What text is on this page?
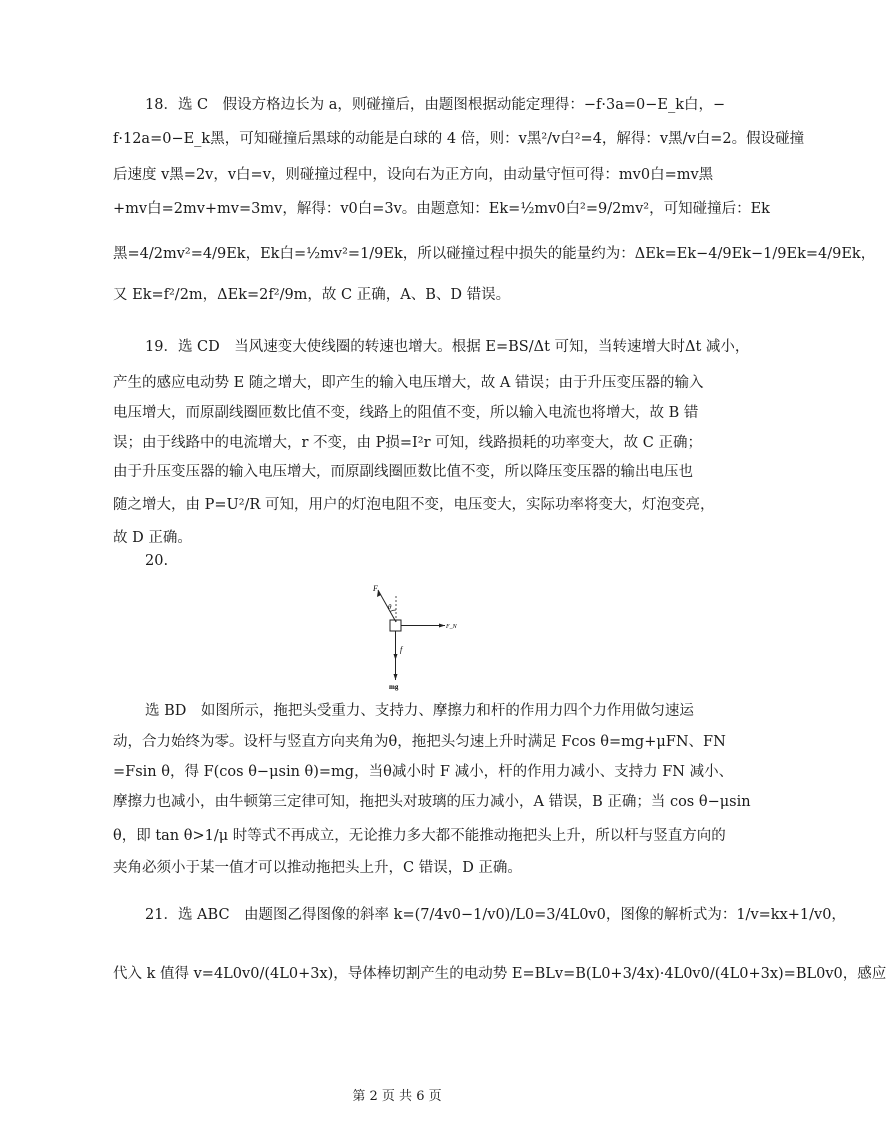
18．选 C　假设方格边长为 a，则碰撞后，由题图根据动能定理得：−f·3a=0−E_k白，−
f·12a=0−E_k黑，可知碰撞后黑球的动能是白球的 4 倍，则：v黑²/v白²=4，解得：v黑/v白=2。假设碰撞
后速度 v黑=2v，v白=v，则碰撞过程中，设向右为正方向，由动量守恒可得：mv0白=mv黑
+mv白=2mv+mv=3mv，解得：v0白=3v。由题意知：Ek=½mv0白²=9/2mv²，可知碰撞后：Ek
黑=4/2mv²=4/9Ek，Ek白=½mv²=1/9Ek，所以碰撞过程中损失的能量约为：ΔEk=Ek−4/9Ek−1/9Ek=4/9Ek，
又 Ek=f²/2m，ΔEk=2f²/9m，故 C 正确，A、B、D 错误。
19．选 CD　当风速变大使线圈的转速也增大。根据 E=BS/Δt 可知，当转速增大时Δt 减小，
产生的感应电动势 E 随之增大，即产生的输入电压增大，故 A 错误；由于升压变压器的输入
电压增大，而原副线圈匝数比值不变，线路上的阻值不变，所以输入电流也将增大，故 B 错
误；由于线路中的电流增大，r 不变，由 P损=I²r 可知，线路损耗的功率变大，故 C 正确；
由于升压变压器的输入电压增大，而原副线圈匝数比值不变，所以降压变压器的输出电压也
随之增大，由 P=U²/R 可知，用户的灯泡电阻不变，电压变大，实际功率将变大，灯泡变亮，
故 D 正确。
20.
F
θ
F_N
f
mg
选 BD　如图所示，拖把头受重力、支持力、摩擦力和杆的作用力四个力作用做匀速运
动，合力始终为零。设杆与竖直方向夹角为θ，拖把头匀速上升时满足 Fcos θ=mg+μFN、FN
=Fsin θ，得 F(cos θ−μsin θ)=mg，当θ减小时 F 减小，杆的作用力减小、支持力 FN 减小、
摩擦力也减小，由牛顿第三定律可知，拖把头对玻璃的压力减小，A 错误，B 正确；当 cos θ−μsin
θ，即 tan θ>1/μ 时等式不再成立，无论推力多大都不能推动拖把头上升，所以杆与竖直方向的
夹角必须小于某一值才可以推动拖把头上升，C 错误，D 正确。
21．选 ABC　由题图乙得图像的斜率 k=(7/4v0−1/v0)/L0=3/4L0v0，图像的解析式为：1/v=kx+1/v0，
代入 k 值得 v=4L0v0/(4L0+3x)，导体棒切割产生的电动势 E=BLv=B(L0+3/4x)·4L0v0/(4L0+3x)=BL0v0，感应
第 2 页 共 6 页
